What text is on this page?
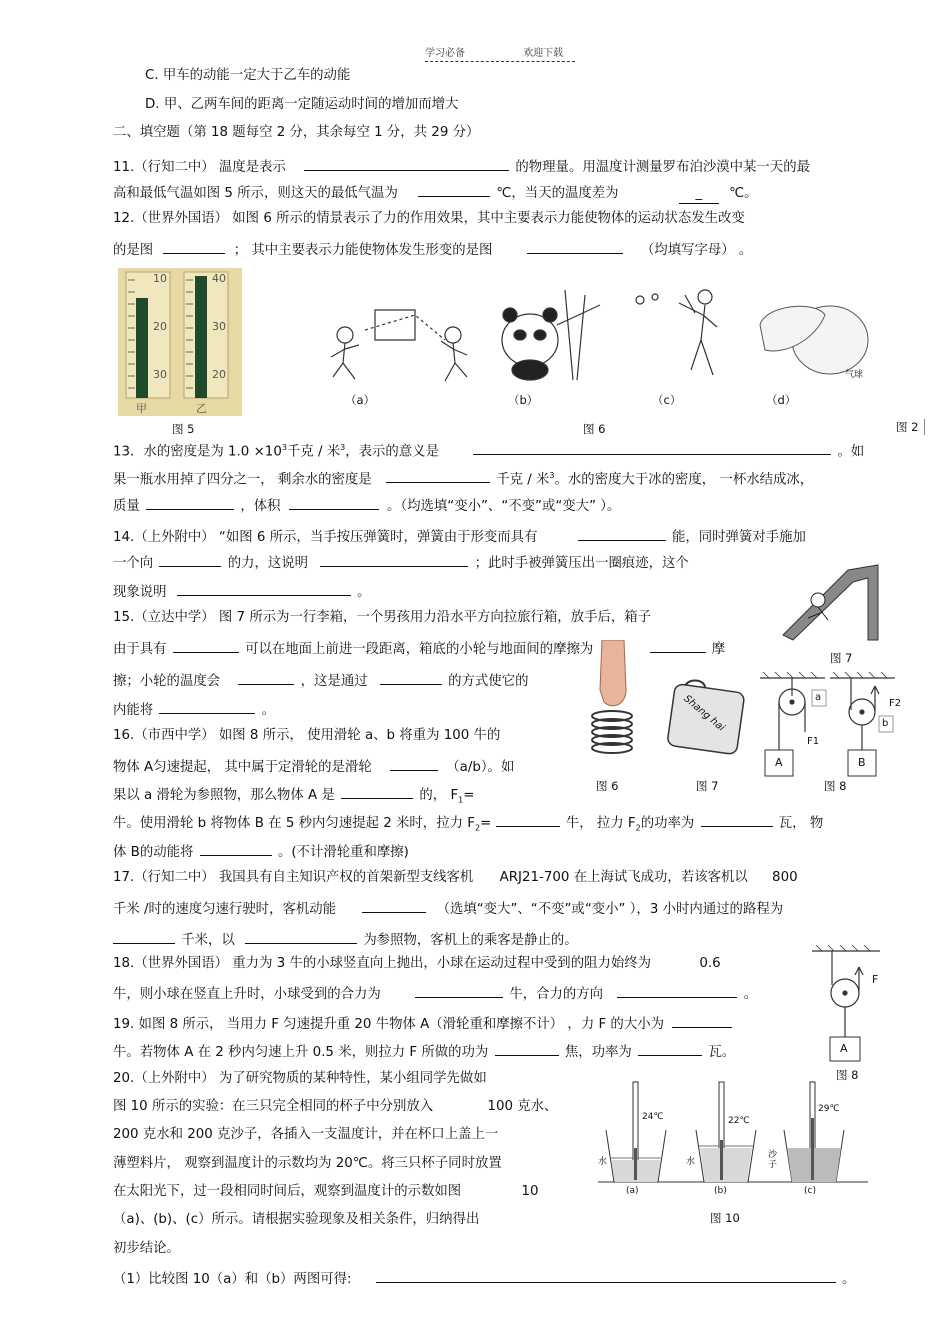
学习必备	欢迎下载
C. 甲车的动能一定大于乙车的动能
D. 甲、乙两车间的距离一定随运动时间的增加而增大
二、填空题（第 18 题每空 2 分，其余每空 1 分，共 29 分）
11.（行知二中） 温度是表示	的物理量。用温度计测量罗布泊沙漠中某一天的最
高和最低气温如图 5 所示，则这天的最低气温为	℃，当天的温度差为	_ ℃。
12.（世界外国语） 如图 6 所示的情景表示了力的作用效果，其中主要表示力能使物体的运动状态发生改变
的是图	； 其中主要表示力能使物体发生形变的是图	（均填写字母） 。
10
20
30
40
30
20
甲	乙
图 5
气球
（a）	（b）	（c）	（d）
图 6	图 2
13．水的密度是为 $1.0 \times 10^3$千克 / 米$^3$，表示的意义是	。如
果一瓶水用掉了四分之一， 剩余水的密度是	千克 / 米$^3$。水的密度大于冰的密度， 一杯水结成冰，
质量	，体积	。（均选填“变小”、“不变”或“变大” ）。
14.（上外附中） “如图 6 所示，当手按压弹簧时，弹簧由于形变而具有	能，同时弹簧对手施加
一个向	的力，这说明	；此时手被弹簧压出一圈痕迹，这个
现象说明	。
图 7
15.（立达中学） 图 7 所示为一行李箱，一个男孩用力沿水平方向拉旅行箱，放手后，箱子
由于具有	可以在地面上前进一段距离，箱底的小轮与地面间的摩擦为	摩
擦；小轮的温度会	，这是通过	的方式使它的
内能将	。	Shang hai	a
b
A	B
F1
F2
图 6	图 7	图 8
16.（市西中学） 如图 8 所示， 使用滑轮 a、b 将重为 100 牛的
物体 A匀速提起， 其中属于定滑轮的是滑轮	（a/b）。如
果以 a 滑轮为参照物，那么物体 A 是	的， $F_1=$
牛。使用滑轮 b 将物体 B 在 5 秒内匀速提起 2 米时，拉力 $F_2=$	牛， 拉力 $F_2$的功率为	瓦， 物
体 B的动能将	。(不计滑轮重和摩擦)
17.（行知二中） 我国具有自主知识产权的首架新型支线客机 ARJ21-700 在上海试飞成功，若该客机以 800
千米 /时的速度匀速行驶时，客机动能	（选填“变大”、“不变”或“变小” ），3 小时内通过的路程为
千米，以	为参照物，客机上的乘客是静止的。
18.（世界外国语） 重力为 3 牛的小球竖直向上抛出，小球在运动过程中受到的阻力始终为	0.6
牛，则小球在竖直上升时，小球受到的合力为	牛，合力的方向	。
F
A
图 8
19. 如图 8 所示， 当用力 F 匀速提升重 20 牛物体 A（滑轮重和摩擦不计） ，力 F 的大小为
牛。若物体 A 在 2 秒内匀速上升 0.5 米，则拉力 F 所做的功为	焦，功率为	瓦。
20.（上外附中） 为了研究物质的某种特性，某小组同学先做如
图 10 所示的实验：在三只完全相同的杯子中分别放入	100 克水、
200 克水和 200 克沙子，各插入一支温度计，并在杯口上盖上一
薄塑料片， 观察到温度计的示数均为 20℃。将三只杯子同时放置
在太阳光下，过一段相同时间后，观察到温度计的示数如图	10
（a)、(b)、(c）所示。请根据实验现象及相关条件，归纳得出
初步结论。
（1）比较图 10（a）和（b）两图可得:	。
24℃	22℃
29℃
水	水
沙子
(a)	(b)	(c)
图 10
